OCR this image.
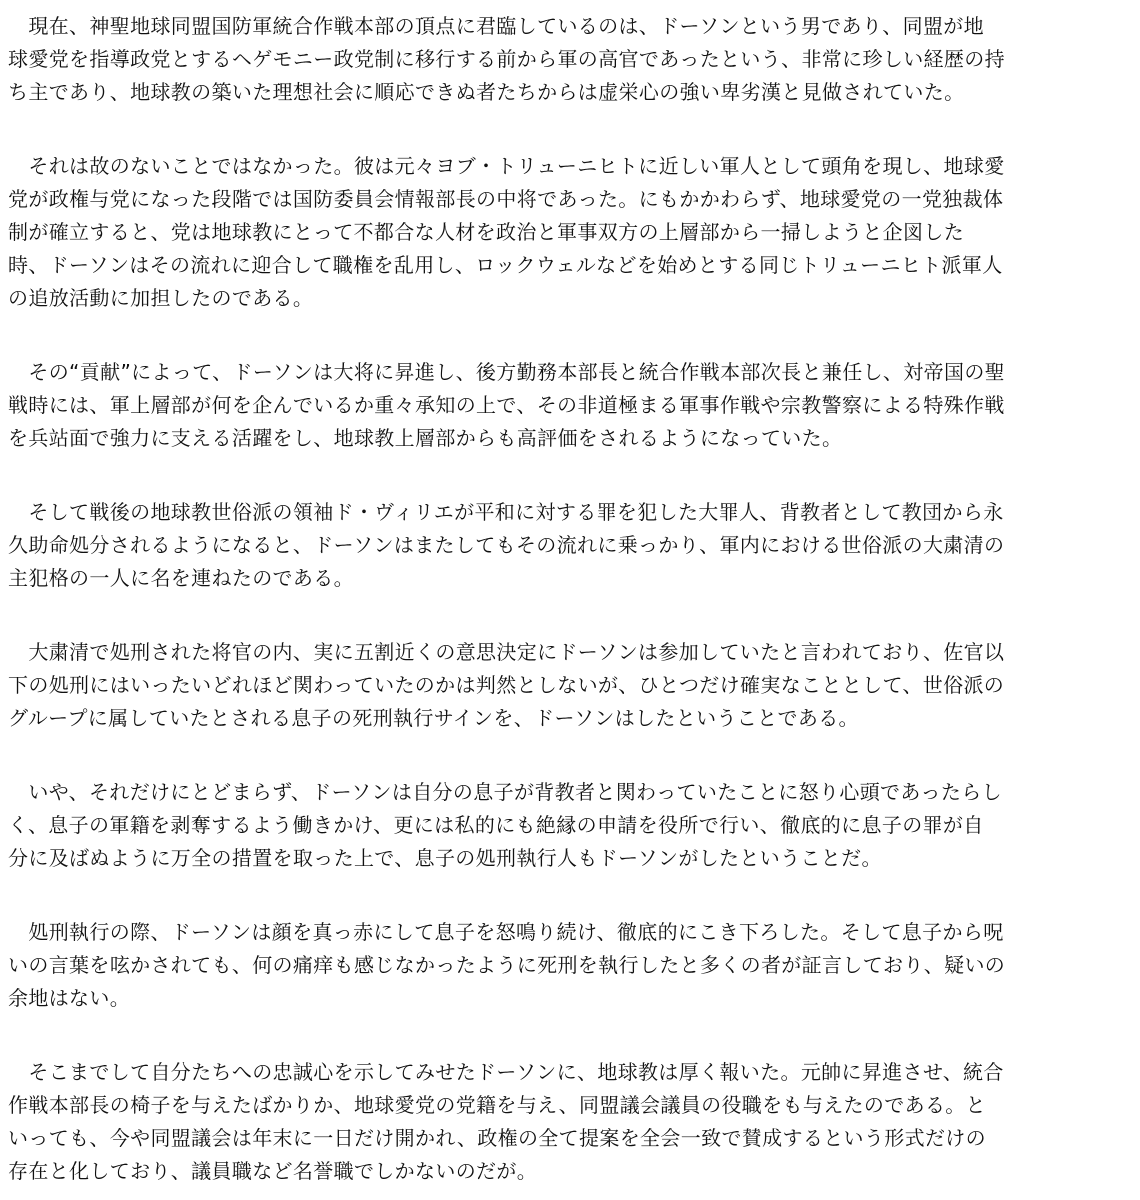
　現在、神聖地球同盟国防軍統合作戦本部の頂点に君臨しているのは、ドーソンという男であり、同盟が地
球愛党を指導政党とするヘゲモニー政党制に移行する前から軍の高官であったという、非常に珍しい経歴の持
ち主であり、地球教の築いた理想社会に順応できぬ者たちからは虚栄心の強い卑劣漢と見做されていた。
　それは故のないことではなかった。彼は元々ヨブ・トリューニヒトに近しい軍人として頭角を現し、地球愛
党が政権与党になった段階では国防委員会情報部長の中将であった。にもかかわらず、地球愛党の一党独裁体
制が確立すると、党は地球教にとって不都合な人材を政治と軍事双方の上層部から一掃しようと企図した
時、ドーソンはその流れに迎合して職権を乱用し、ロックウェルなどを始めとする同じトリューニヒト派軍人
の追放活動に加担したのである。
　その“貢献”によって、ドーソンは大将に昇進し、後方勤務本部長と統合作戦本部次長と兼任し、対帝国の聖
戦時には、軍上層部が何を企んでいるか重々承知の上で、その非道極まる軍事作戦や宗教警察による特殊作戦
を兵站面で強力に支える活躍をし、地球教上層部からも高評価をされるようになっていた。
　そして戦後の地球教世俗派の領袖ド・ヴィリエが平和に対する罪を犯した大罪人、背教者として教団から永
久助命処分されるようになると、ドーソンはまたしてもその流れに乗っかり、軍内における世俗派の大粛清の
主犯格の一人に名を連ねたのである。
　大粛清で処刑された将官の内、実に五割近くの意思決定にドーソンは参加していたと言われており、佐官以
下の処刑にはいったいどれほど関わっていたのかは判然としないが、ひとつだけ確実なこととして、世俗派の
グループに属していたとされる息子の死刑執行サインを、ドーソンはしたということである。
　いや、それだけにとどまらず、ドーソンは自分の息子が背教者と関わっていたことに怒り心頭であったらし
く、息子の軍籍を剥奪するよう働きかけ、更には私的にも絶縁の申請を役所で行い、徹底的に息子の罪が自
分に及ばぬように万全の措置を取った上で、息子の処刑執行人もドーソンがしたということだ。
　処刑執行の際、ドーソンは顔を真っ赤にして息子を怒鳴り続け、徹底的にこき下ろした。そして息子から呪
いの言葉を呟かされても、何の痛痒も感じなかったように死刑を執行したと多くの者が証言しており、疑いの
余地はない。
　そこまでして自分たちへの忠誠心を示してみせたドーソンに、地球教は厚く報いた。元帥に昇進させ、統合
作戦本部長の椅子を与えたばかりか、地球愛党の党籍を与え、同盟議会議員の役職をも与えたのである。と
いっても、今や同盟議会は年末に一日だけ開かれ、政権の全て提案を全会一致で賛成するという形式だけの
存在と化しており、議員職など名誉職でしかないのだが。
